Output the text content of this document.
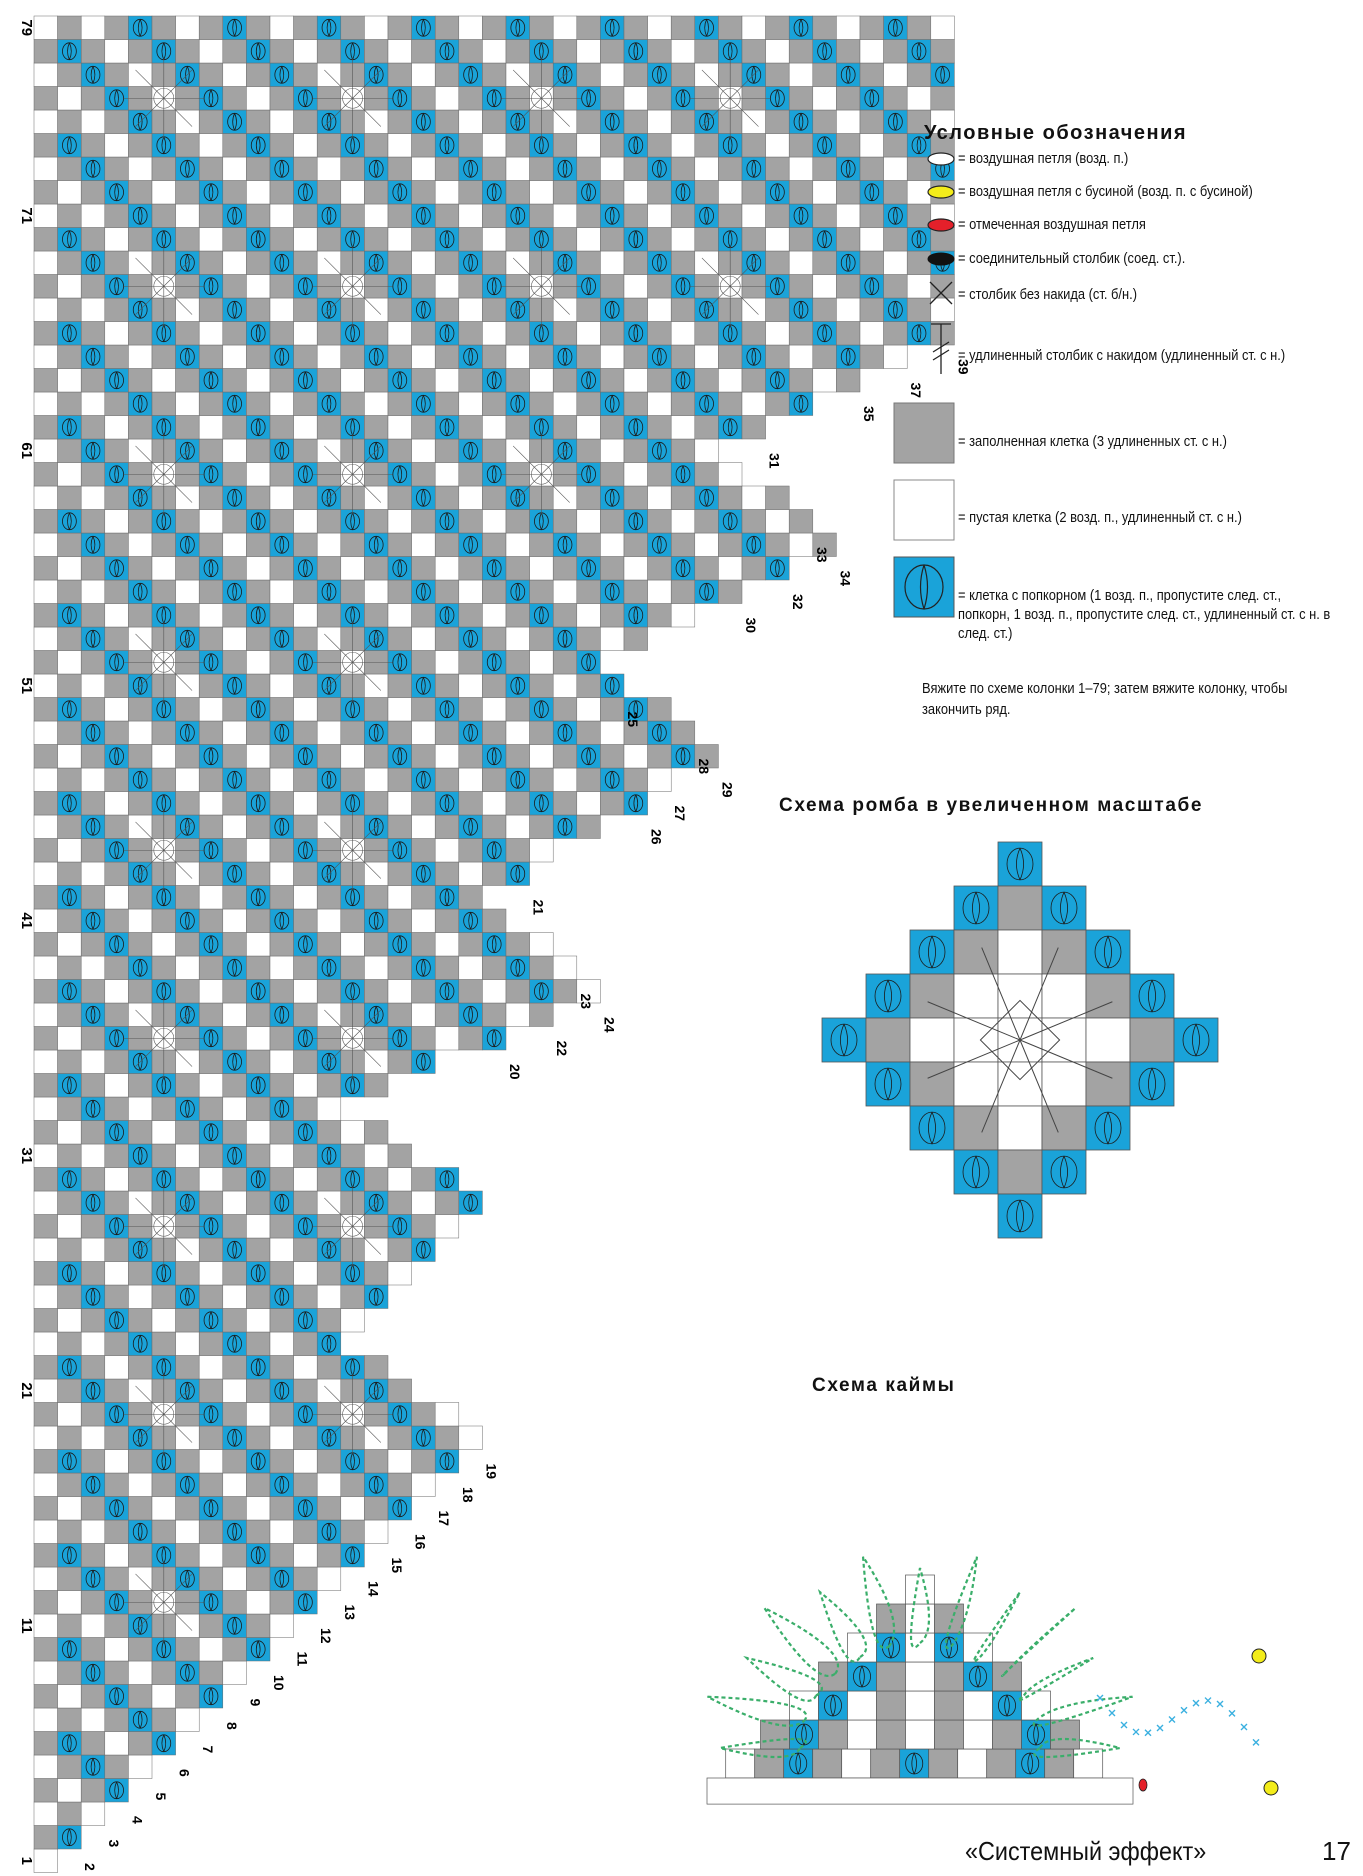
79
71
61
51
41
31
21
11
1
39
37
35
34
33
32
31
30
29
28
27
26
25
24
23
22
21
20
19
18
17
16
15
14
13
12
11
10
9
8
7
6
5
4
3
2
Условные обозначения
= воздушная петля (возд. п.)
= воздушная петля с бусиной (возд. п. с бусиной)
= отмеченная воздушная петля
= соединительный столбик (соед. ст.).
= столбик без накида (ст. б/н.)
= удлиненный столбик с накидом (удлиненный ст. с н.)
= заполненная клетка (3 удлиненных ст. с н.)
= пустая клетка (2 возд. п., удлиненный ст. с н.)
= клетка с попкорном (1 возд. п., пропустите след. ст., попкорн, 1 возд. п., пропустите след. ст., удлиненный ст. с н. в след. ст.)
Вяжите по схеме колонки 1–79; затем вяжите колонку, чтобы закончить ряд.
Схема ромба в увеличенном масштабе
Схема каймы
«Системный эффект»	17
